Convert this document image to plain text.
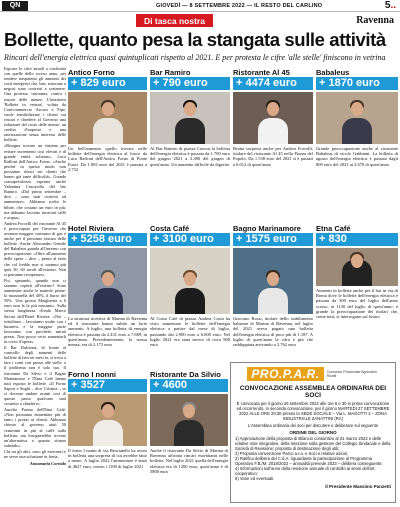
QN	GIOVEDÌ — 8 SETTEMBRE 2022 — IL RESTO DEL CARLINO	5..
Di tasca nostra	Ravenna
Bollette, quanto pesa la stangata sulle attività
Rincari dell'energia elettrica quasi quintuplicati rispetto al 2021. E per protesta le cifre 'alle stelle' finiscono in vetrina

Esporre le cifre attuali a confronto con quelle dello scorso anno, per rendere trasparenti gli aumenti dei costi energetici che, ben, ristorano a negozi sono costretti a sostenere. Una protesta, insomma, contro i rincari delle utenze. L'iniziativa 'Bollette in vetrina', voluta da Confcommercio Ascom e Fipe, vuole sensibilizzare i clienti sui rincari e chiedere al Governo una riduzione del costo delle utenze, un credito d'imposta e una rateizzazione senza interessi delle bollette.

«Bisogna trovare un sistema per evitare incrementi così elevati e di grande entità soltanto», Luca Raffoni dell'Antico Forno. «Anche perché in questo modo non possiamo rifarci sui clienti che hanno già tante difficoltà». Grande consapevolezza esprime anche Valentina Cascavilla del bar Ramiro. «Dal primo settembre – dice – sono stati costretti ad aumentare». Abbiamo scelto le bibite, che costano un euro in più. ma abbiamo lasciato invariati caffè e acqua».

Andrea Forcelli del ristorante Al 45 è preoccupato per l'inverno che avranno maggior consumo di gas e anche per il prossimo rincaro delle bollette. Anche Alessandro Gentile del Babaleus guarda all'inverno con preoccupazione: «Oltre all'aumento delle spese – dice – penso al fatto che col freddo non si saranno più quei 50, 60 tavoli all'esterno. Non si potranno recuperare».

Poi, sperando, quando non ci saranno coperti all'esterno? Sono aumentate anche le materie prime: la mozzarella del 40%, il burro del 50%. Una grossa Margherita a 6 euro non la fa più nessuno». Sulla stessa lunghezza d'onda Marco Savini dell'Hotel Riviera: «Noi – sottolinea – lavoriamo molto con i business e la maggior parte lavoriamo con pacchetti mirati prezzi. Non posso certo aumentarli in corso d'opera».

Il Bar Dulcinea, di fronte al controllo degli aumenti delle bollette di ben sei mesi fa, si trova a fare i conti con prezzi alle stelle, e il problema non è solo suo. Il ristorante Da Silvio e il Bagno Marinamore e l'Etna Café hanno tutti esposto le bollette. «Il Forno Sapori e Sughi – dice Cristina – se si dovesse andare avanti così di questo passo qualcuno sarà costretto a chiudere».

Aurelio Farina dell'Etna Café: «Non possiamo aumentare più di tanto i prezzi ai clienti. Abbiamo chiesto al governo aiuti 50 centesimi in più al caffè sulla bolletta, ma bisognerebbe trovare un'alternativa a quanto stiamo subendo».

Chi tra gli altri, sono gli esercenti e ne serve una soluzione in fretta.

Annamaria Corrado
Antico Forno
+ 829 euro
Un bell'aumento quello trovato nelle bollette dell'energia elettrica al fuoco da Luca Raffoni dell'Antico Forno di Ponte Fuori. Da 1.903 euro del 2021 è passata a 2.732
Bar Ramiro
+ 790 euro
Al Bar Ramiro di piazza Cavour la bolletta dell'energia elettrica è passata da 1.700 euro del giugno 2021 a 2.490 del giugno di quest'anno. Un aumento difficile da digerire
Ristorante Al 45
+ 4474 euro
Brutta sorpresa anche per Andrea Forcelli, titolare del ristorante Al 45 nella Piazza del Popolo. Da 1.538 euro del 2021 si è passati a 6.012 di quest'anno
Babaleus
+ 1870 euro
Grande preoccupazione anche al ristorante Babaleus di vicolo Gabbiani. La bolletta di agosto dell'energia elettrica è passata dagli 800 euro del 2021 ai 2.670 di quest'anno
Hotel Riviera
+ 5258 euro
La struttura ricettiva di Marina di Ravenna ed il ristorante hanno subito un forte aumento. A luglio, una bolletta di energia elettrica è passata da 2.431 euro a 7.689, in quest'anno. Precedentemente, la stessa mensa, era di 2.173 euro
Costa Café
+ 3100 euro
Al Costa Café di piazza Andrea Costa ha visto aumentare le bollette dell'energia elettrica a partire dal mese di luglio, passando dai 2.900 euro a 6.000 euro. Nel luglio 2021 era stata invece di circa 900 euro
Bagno Marinamore
+ 1575 euro
Giacomo Rossi, titolare dello stabilimento balneare di Marina di Ravenna, nel luglio del 2021 aveva pagato una bolletta dell'energia elettrica di poco più di 1.187. A luglio di quest'anno la cifra è più che raddoppiata arrivando a 2.762 euro
Etna Café
+ 830
Aumenti in bolletta anche per il bar in via di Roma dove le bollette dell'energia elettrica è passata da 300 euro del luglio dell'anno scorso, ai 1130 del luglio di quest'anno: è grande la preoccupazione dei titolari che, come tutti, si interrogano sul futuro
Forno I nonni
+ 3527
Il forno I nonni di via Bruciatello ha avuto in bolletta una sorpresa di cui avrebbe fatto a meno. A luglio 2022 l'ammontare è stato di 4627 euro, contro i 1100 di luglio 2021
Ristorante Da Silvio
+ 4600
Anche il ristorante Da Silvio di Marina di Ravenna affronta rincari esorbitanti nelle bollette. Nel luglio 2021 quella dell'energia elettrica era di 1200 euro, quest'anno è di 5800 euro
PRO.P.A.R.	Consorzio Provinciale Agricoltori Riuniti
CONVOCAZIONE ASSEMBLEA ORDINARIA DEI SOCI
È convocata per il giorno 26 settembre 2022 alle ore 6 e 30 in prima convocazione ed occorrendo, in seconda convocazione, per il giorno MARTEDÌ 27 SETTEMBRE 2022 ALLE ORE 20:30 presso la SEDE SOCIALE – Via L. MAGOTTI 2 – ZONA INDUSTRIALE ZANATTINI (RA)
L'Assemblea ordinaria dei soci per discutere e deliberare sul seguente
ORDINE DEL GIORNO
1) Approvazione della proposta di Bilancio consuntivo al 31 marzo 2022 e delle relative note integrative, della relazione sulla gestione del Collegio Sindacale e della Società di Revisione; proposta di destinazione degli utili;
2) Proposta convenzione Parco a.r.a. e Soci e relative azioni;
3) Ratifica delibera del C.d.A. riguardante la partecipazione al Programma Operativo F.B./M. 2018/2022 – annualità prevede 2023 – delibera conseguente;
4) Informazioni sull'anno della revisione annuale di controllo ai sensi dell'art. cooperativo;
5) Varie ed eventuali.
Il Presidente Massimo Panzetti
